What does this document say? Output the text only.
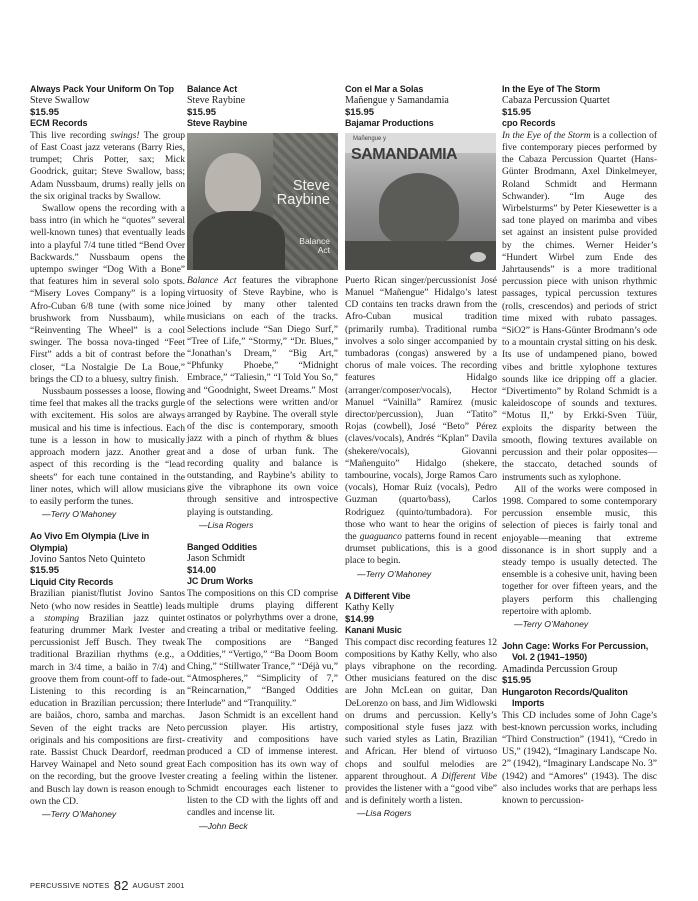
Always Pack Your Uniform On Top
Steve Swallow
$15.95
ECM Records

This live recording swings! The group of East Coast jazz veterans (Barry Ries, trumpet; Chris Potter, sax; Mick Goodrick, guitar; Steve Swallow, bass; Adam Nussbaum, drums) really jells on the six original tracks by Swallow.

Swallow opens the recording with a bass intro (in which he “quotes” several well-known tunes) that eventually leads into a playful 7/4 tune titled “Bend Over Backwards.” Nussbaum opens the uptempo swinger “Dog With a Bone” that features him in several solo spots. “Misery Loves Company” is a loping Afro-Cuban 6/8 tune (with some nice brushwork from Nussbaum), while “Reinventing The Wheel” is a cool swinger. The bossa nova-tinged “Feet First” adds a bit of contrast before the closer, “La Nostalgie De La Boue,” brings the CD to a bluesy, sultry finish.

Nussbaum possesses a loose, flowing time feel that makes all the tracks gurgle with excitement. His solos are always musical and his time is infectious. Each tune is a lesson in how to musically approach modern jazz. Another great aspect of this recording is the “lead sheets” for each tune contained in the liner notes, which will allow musicians to easily perform the tunes.

—Terry O’Mahoney
Ao Vivo Em Olympia (Live in Olympia)
Jovino Santos Neto Quinteto
$15.95
Liquid City Records

Brazilian pianist/flutist Jovino Santos Neto (who now resides in Seattle) leads a stomping Brazilian jazz quintet featuring drummer Mark Ivester and percussionist Jeff Busch. They tweak traditional Brazilian rhythms (e.g., a march in 3/4 time, a baião in 7/4) and groove them from count-off to fade-out. Listening to this recording is an education in Brazilian percussion; there are baiãos, choro, samba and marchas. Seven of the eight tracks are Neto originals and his compositions are first-rate. Bassist Chuck Deardorf, reedman Harvey Wainapel and Neto sound great on the recording, but the groove Ivester and Busch lay down is reason enough to own the CD.

—Terry O’Mahoney
Balance Act
Steve Raybine
$15.95
Steve Raybine
Steve
Raybine
Balance
Act

Balance Act features the vibraphone virtuosity of Steve Raybine, who is joined by many other talented musicians on each of the tracks. Selections include “San Diego Surf,” “Tree of Life,” “Stormy,” “Dr. Blues,” “Jonathan’s Dream,” “Big Art,” “Phfunky Phoebe,” “Midnight Embrace,” “Taliesin,” “I Told You So,” and “Goodnight, Sweet Dreams.” Most of the selections were written and/or arranged by Raybine. The overall style of the disc is contemporary, smooth jazz with a pinch of rhythm & blues and a dose of urban funk. The recording quality and balance is outstanding, and Raybine’s ability to give the vibraphone its own voice through sensitive and introspective playing is outstanding.

—Lisa Rogers
Banged Oddities
Jason Schmidt
$14.00
JC Drum Works

The compositions on this CD comprise multiple drums playing different ostinatos or polyrhythms over a drone, creating a tribal or meditative feeling. The compositions are “Banged Oddities,” “Vertigo,” “Ba Doom Boom Ching,” “Stillwater Trance,” “Déjà vu,” “Atmospheres,” “Simplicity of 7,” “Reincarnation,” “Banged Oddities Interlude” and “Tranquility.”

Jason Schmidt is an excellent hand percussion player. His artistry, creativity and compositions have produced a CD of immense interest. Each composition has its own way of creating a feeling within the listener. Schmidt encourages each listener to listen to the CD with the lights off and candles and incense lit.

—John Beck
Con el Mar a Solas
Mañengue y Samandamia
$15.95
Bajamar Productions
Mañengue y
SAMANDAMIA

Puerto Rican singer/percussionist José Manuel “Mañengue” Hidalgo’s latest CD contains ten tracks drawn from the Afro-Cuban musical tradition (primarily rumba). Traditional rumba involves a solo singer accompanied by tumbadoras (congas) answered by a chorus of male voices. The recording features Hidalgo (arranger/composer/vocals), Hector Manuel “Vainilla” Ramírez (music director/percussion), Juan “Tatito” Rojas (cowbell), José “Beto” Pérez (claves/vocals), Andrés “Kplan” Davila (shekere/vocals), Giovanni “Mañenguito” Hidalgo (shekere, tambourine, vocals), Jorge Ramos Caro (vocals), Homar Ruiz (vocals), Pedro Guzman (quarto/bass), Carlos Rodriguez (quinto/tumbadora). For those who want to hear the origins of the guaguanco patterns found in recent drumset publications, this is a good place to begin.

—Terry O’Mahoney
A Different Vibe
Kathy Kelly
$14.99
Kanani Music

This compact disc recording features 12 compositions by Kathy Kelly, who also plays vibraphone on the recording. Other musicians featured on the disc are John McLean on guitar, Dan DeLorenzo on bass, and Jim Widlowski on drums and percussion. Kelly’s compositional style fuses jazz with such varied styles as Latin, Brazilian and African. Her blend of virtuoso chops and soulful melodies are apparent throughout. A Different Vibe provides the listener with a “good vibe” and is definitely worth a listen.

—Lisa Rogers
In the Eye of The Storm
Cabaza Percussion Quartet
$15.95
cpo Records

In the Eye of the Storm is a collection of five contemporary pieces performed by the Cabaza Percussion Quartet (Hans-Günter Brodmann, Axel Dinkelmeyer, Roland Schmidt and Hermann Schwander). “Im Auge des Wirbelsturms” by Peter Kiesewetter is a sad tone played on marimba and vibes set against an insistent pulse provided by the chimes. Werner Heider’s “Hundert Wirbel zum Ende des Jahrtausends” is a more traditional percussion piece with unison rhythmic passages, typical percussion textures (rolls, crescendos) and periods of strict time mixed with rubato passages. “SiO2” is Hans-Günter Brodmann’s ode to a mountain crystal sitting on his desk. Its use of undampened piano, bowed vibes and brittle xylophone textures sounds like ice dripping off a glacier. “Divertimento” by Roland Schmidt is a kaleidoscope of sounds and textures. “Motus II,” by Erkki-Sven Tüür, exploits the disparity between the smooth, flowing textures available on percussion and their polar opposites—the staccato, detached sounds of instruments such as xylophone.

All of the works were composed in 1998. Compared to some contemporary percussion ensemble music, this selection of pieces is fairly tonal and enjoyable—meaning that extreme dissonance is in short supply and a steady tempo is usually detected. The ensemble is a cohesive unit, having been together for over fifteen years, and the players perform this challenging repertoire with aplomb.

—Terry O’Mahoney
John Cage: Works For Percussion,
Vol. 2 (1941–1950)
Amadinda Percussion Group
$15.95
Hungaroton Records/Qualiton
Imports

This CD includes some of John Cage’s best-known percussion works, including “Third Construction” (1941), “Credo in US,” (1942), “Imaginary Landscape No. 2” (1942), “Imaginary Landscape No. 3” (1942) and “Amores” (1943). The disc also includes works that are perhaps less known to percussion-

PERCUSSIVE NOTES 82 AUGUST 2001
